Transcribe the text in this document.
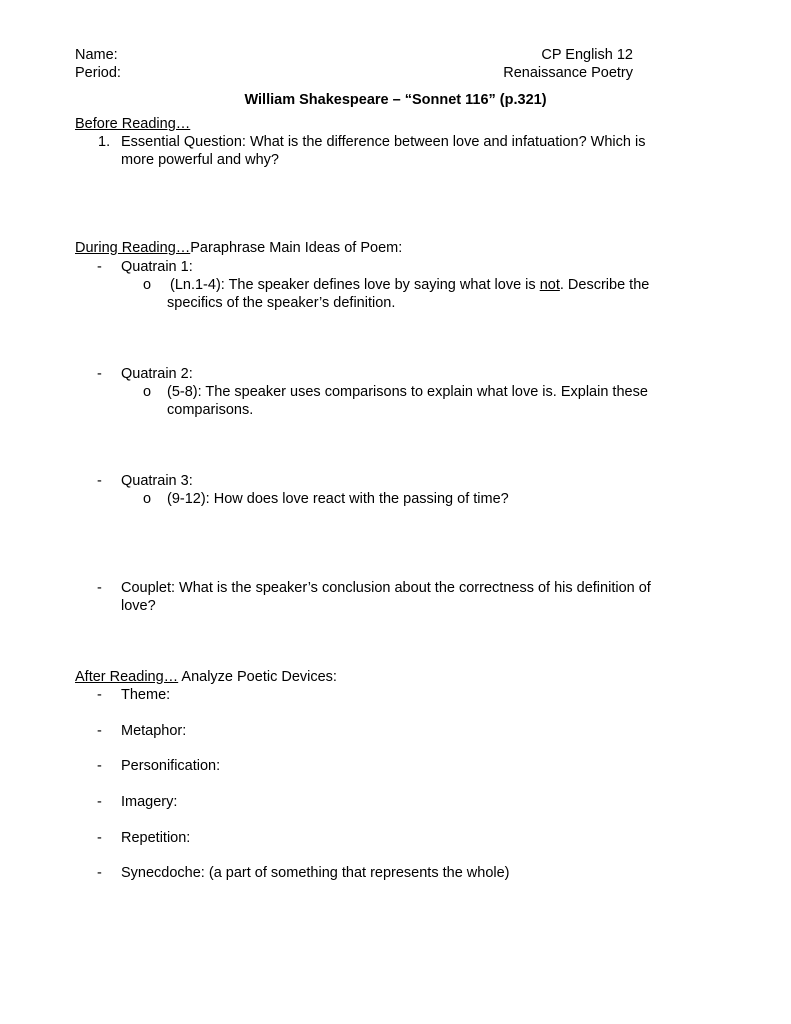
Name:
Period:
CP English 12
Renaissance Poetry
William Shakespeare – “Sonnet 116” (p.321)
Before Reading…
1. Essential Question: What is the difference between love and infatuation? Which is
more powerful and why?
During Reading…Paraphrase Main Ideas of Poem:
-	Quatrain 1:
o	(Ln.1-4): The speaker defines love by saying what love is not. Describe the
specifics of the speaker’s definition.
-	Quatrain 2:
o	(5-8): The speaker uses comparisons to explain what love is. Explain these
comparisons.
-	Quatrain 3:
o	(9-12): How does love react with the passing of time?
-	Couplet: What is the speaker’s conclusion about the correctness of his definition of
love?
After Reading… Analyze Poetic Devices:
-	Theme:
-	Metaphor:
-	Personification:
-	Imagery:
-	Repetition:
-	Synecdoche: (a part of something that represents the whole)
